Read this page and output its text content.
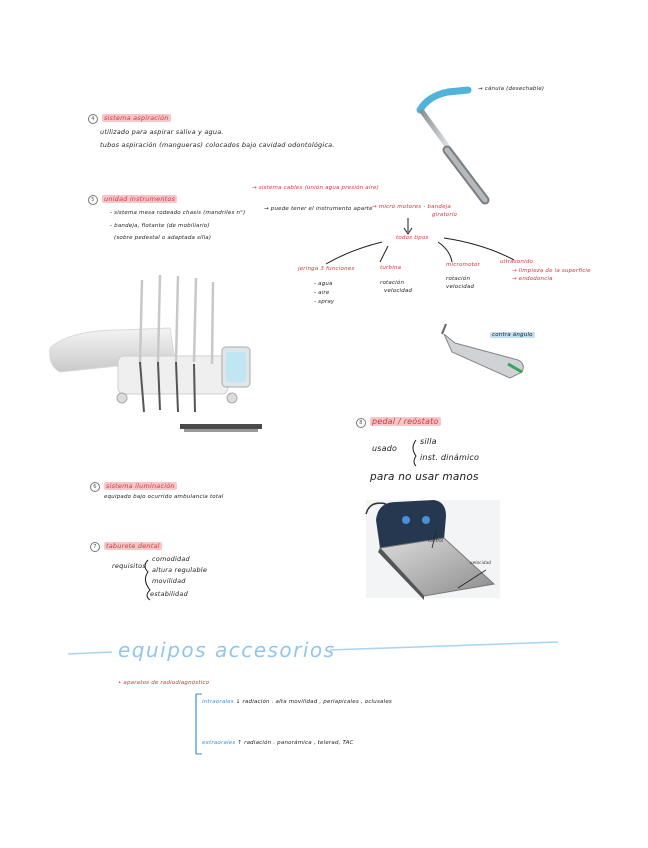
→ cánula (desechable)
4 sistema aspiración
utilizado para aspirar saliva y agua.
tubos aspiración (mangueras) colocados bajo cavidad odontológica.
5 unidad instrumentos
- sistema mesa rodeado chasis (mandriles n°)
- bandeja, flotante (de mobiliario)
(sobre pedestal o adaptada silla)
→ sistema cables (unión agua presión aire)
→ puede tener el instrumento aparte → micro motores - bandeja
giratorio
todos tipos
jeringa 3 funciones
- agua
- aire
- spray
turbina
rotación
velocidad
micromotor
rotación
velocidad
ultrasonido
→ limpieza de la superficie
→ endodoncia
contra ángulo
8 pedal / reóstato
usado
silla
inst. dinámico
para no usar manos
control
velocidad
6 sistema iluminación
equipado bajo ocurrido ambulancia total
7 taburete dental
requisitos
comodidad
altura regulable
movilidad
estabilidad
equipos accesorios
• aparatos de radiodiagnóstico
intraorales ↓ radiación . alta movilidad , periapicales , oclusales
extraorales ↑ radiación . panorámica , telerad, TAC
